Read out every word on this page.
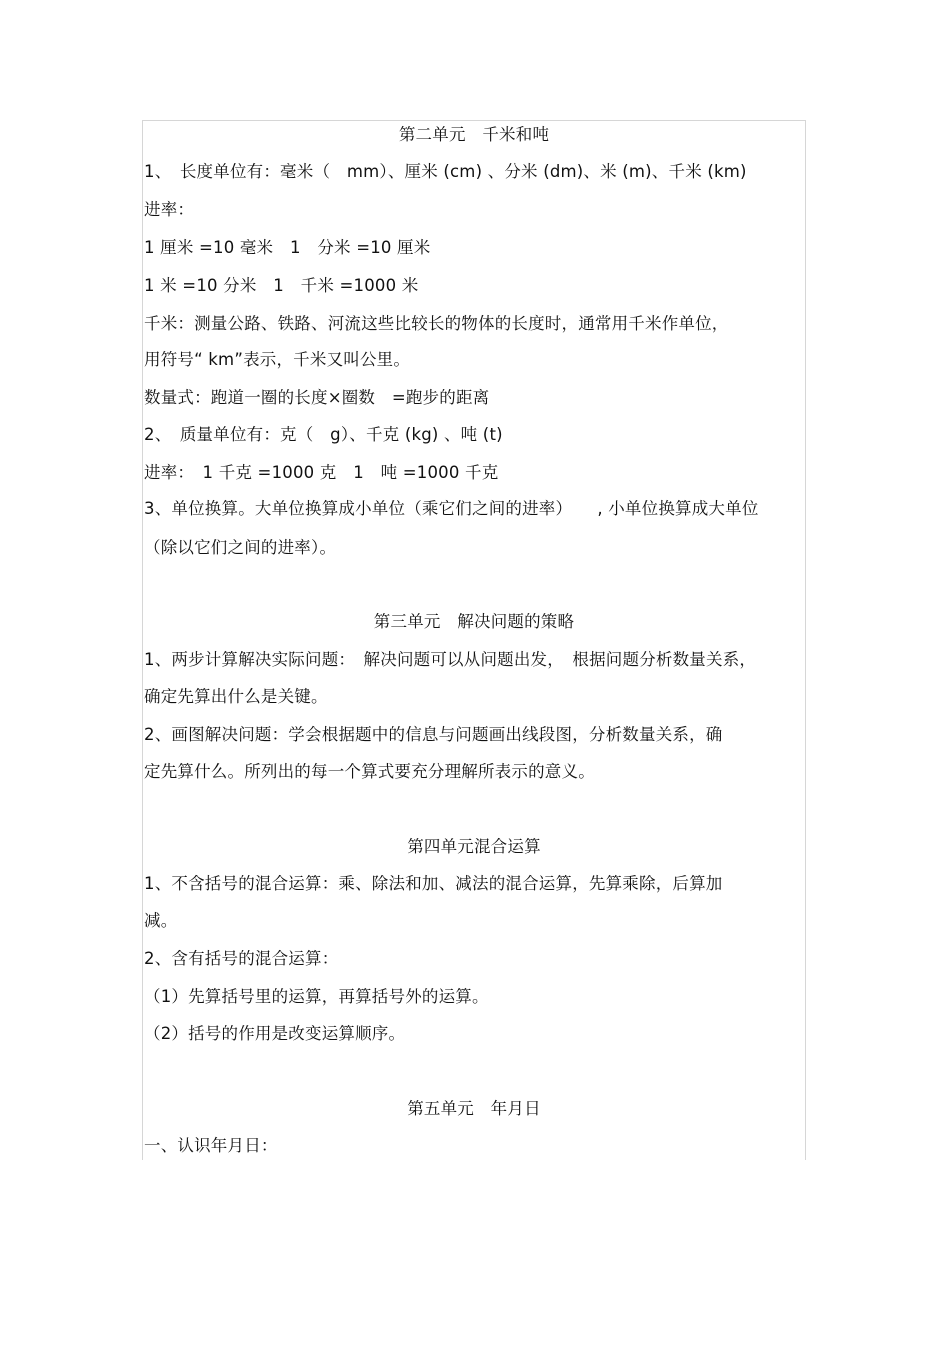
第二单元　千米和吨
1、　长度单位有：毫米（　mm）、厘米 (cm) 、分米 (dm)、米 (m)、千米 (km)
进率：
1 厘米 =10 毫米　1　分米 =10 厘米
1 米 =10 分米　1　千米 =1000 米
千米：测量公路、铁路、河流这些比较长的物体的长度时，通常用千米作单位，
用符号“ km”表示，千米又叫公里。
数量式：跑道一圈的长度×圈数　=跑步的距离
2、　质量单位有：克（　g）、千克 (kg) 、吨 (t)
进率：　1 千克 =1000 克　1　吨 =1000 千克
3、单位换算。大单位换算成小单位（乘它们之间的进率）　　, 小单位换算成大单位
（除以它们之间的进率）。
第三单元　解决问题的策略
1、两步计算解决实际问题：　解决问题可以从问题出发，　根据问题分析数量关系，
确定先算出什么是关键。
2、画图解决问题：学会根据题中的信息与问题画出线段图，分析数量关系，确
定先算什么。所列出的每一个算式要充分理解所表示的意义。
第四单元混合运算
1、不含括号的混合运算：乘、除法和加、减法的混合运算，先算乘除，后算加
减。
2、含有括号的混合运算：
（1）先算括号里的运算，再算括号外的运算。
（2）括号的作用是改变运算顺序。
第五单元　年月日
一、认识年月日：
